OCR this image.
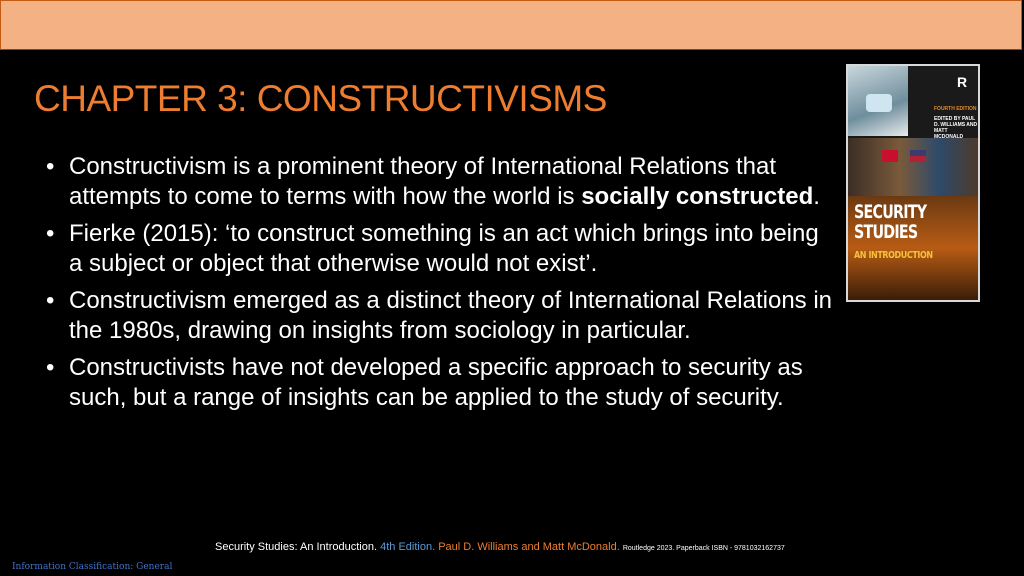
CHAPTER 3: CONSTRUCTIVISMS
• Constructivism is a prominent theory of International Relations that attempts to come to terms with how the world is socially constructed.
• Fierke (2015): ‘to construct something is an act which brings into being a subject or object that otherwise would not exist’.
• Constructivism emerged as a distinct theory of International Relations in the 1980s, drawing on insights from sociology in particular.
• Constructivists have not developed a specific approach to security as such, but a range of insights can be applied to the study of security.
R
FOURTH EDITION
EDITED BY PAUL D. WILLIAMS AND MATT MCDONALD
SECURITY
STUDIES
AN INTRODUCTION
Security Studies: An Introduction. 4th Edition. Paul D. Williams and Matt McDonald. Routledge 2023. Paperback ISBN - 9781032162737
Information Classification: General
